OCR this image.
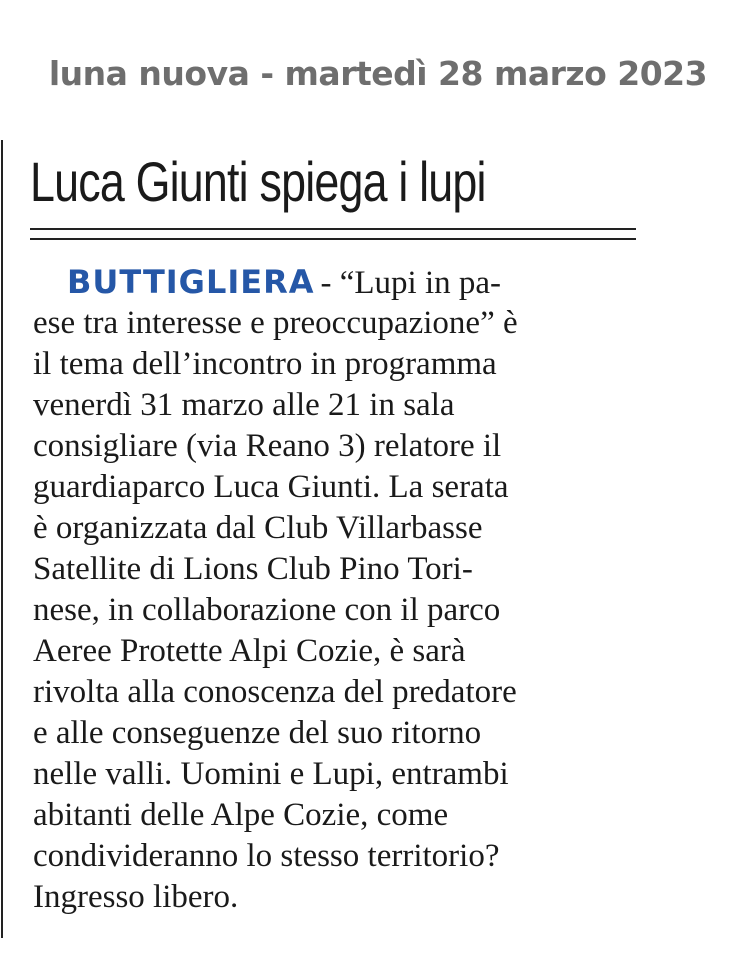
luna nuova - martedì 28 marzo 2023
Luca Giunti spiega i lupi
BUTTIGLIERA - “Lupi in pa-
ese tra interesse e preoccupazione” è
il tema dell’incontro in programma
venerdì 31 marzo alle 21 in sala
consigliare (via Reano 3) relatore il
guardiaparco Luca Giunti. La serata
è organizzata dal Club Villarbasse
Satellite di Lions Club Pino Tori-
nese, in collaborazione con il parco
Aeree Protette Alpi Cozie, è sarà
rivolta alla conoscenza del predatore
e alle conseguenze del suo ritorno
nelle valli. Uomini e Lupi, entrambi
abitanti delle Alpe Cozie, come
condivideranno lo stesso territorio?
Ingresso libero.
